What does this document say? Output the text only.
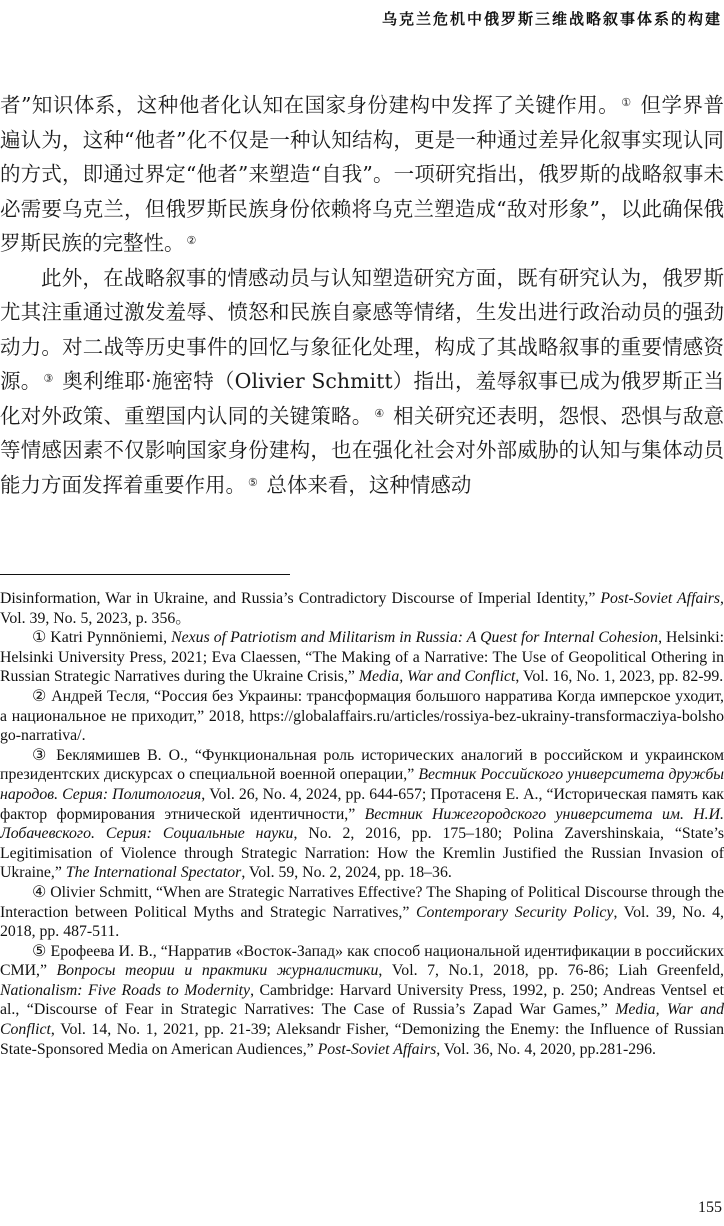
乌克兰危机中俄罗斯三维战略叙事体系的构建

者”知识体系，这种他者化认知在国家身份建构中发挥了关键作用。 ① 但学界普遍认为，这种“他者”化不仅是一种认知结构，更是一种通过差异化叙事实现认同的方式，即通过界定“他者”来塑造“自我”。一项研究指出，俄罗斯的战略叙事未必需要乌克兰，但俄罗斯民族身份依赖将乌克兰塑造成“敌对形象”，以此确保俄罗斯民族的完整性。 ②

此外，在战略叙事的情感动员与认知塑造研究方面，既有研究认为，俄罗斯尤其注重通过激发羞辱、愤怒和民族自豪感等情绪，生发出进行政治动员的强劲动力。对二战等历史事件的回忆与象征化处理，构成了其战略叙事的重要情感资源。 ③ 奥利维耶·施密特（Olivier Schmitt）指出，羞辱叙事已成为俄罗斯正当化对外政策、重塑国内认同的关键策略。 ④ 相关研究还表明，怨恨、恐惧与敌意等情感因素不仅影响国家身份建构，也在强化社会对外部威胁的认知与集体动员能力方面发挥着重要作用。 ⑤ 总体来看，这种情感动

Disinformation, War in Ukraine, and Russia’s Contradictory Discourse of Imperial Identity,” Post-Soviet Affairs, Vol. 39, No. 5, 2023, p. 356。

① Katri Pynnöniemi, Nexus of Patriotism and Militarism in Russia: A Quest for Internal Cohesion, Helsinki: Helsinki University Press, 2021; Eva Claessen, “The Making of a Narrative: The Use of Geopolitical Othering in Russian Strategic Narratives during the Ukraine Crisis,” Media, War and Conflict, Vol. 16, No. 1, 2023, pp. 82-99.

② Андрей Тесля, “Россия без Украины: трансформация большого нарратива Когда имперское уходит, а национальное не приходит,” 2018, https://globalaffairs.ru/articles/rossiya-bez-ukrainy-transformacziya-bolshogo-narrativa/.

③ Беклямишев В. О., “Функциональная роль исторических аналогий в российском и украинском президентских дискурсах о специальной военной операции,” Вестник Российского университета дружбы народов. Серия: Политология, Vol. 26, No. 4, 2024, pp. 644-657; Протасеня Е. А., “Историческая память как фактор формирования этнической идентичности,” Вестник Нижегородского университета им. Н.И. Лобачевского. Серия: Социальные науки, No. 2, 2016, pp. 175–180; Polina Zavershinskaia, “State’s Legitimisation of Violence through Strategic Narration: How the Kremlin Justified the Russian Invasion of Ukraine,” The International Spectator, Vol. 59, No. 2, 2024, pp. 18–36.

④ Olivier Schmitt, “When are Strategic Narratives Effective? The Shaping of Political Discourse through the Interaction between Political Myths and Strategic Narratives,” Contemporary Security Policy, Vol. 39, No. 4, 2018, pp. 487-511.

⑤ Ерофеева И. В., “Нарратив «Восток-Запад» как способ национальной идентификации в российских СМИ,” Вопросы теории и практики журналистики, Vol. 7, No.1, 2018, pp. 76-86; Liah Greenfeld, Nationalism: Five Roads to Modernity, Cambridge: Harvard University Press, 1992, p. 250; Andreas Ventsel et al., “Discourse of Fear in Strategic Narratives: The Case of Russia’s Zapad War Games,” Media, War and Conflict, Vol. 14, No. 1, 2021, pp. 21-39; Aleksandr Fisher, “Demonizing the Enemy: the Influence of Russian State-Sponsored Media on American Audiences,” Post-Soviet Affairs, Vol. 36, No. 4, 2020, pp.281-296.

155
